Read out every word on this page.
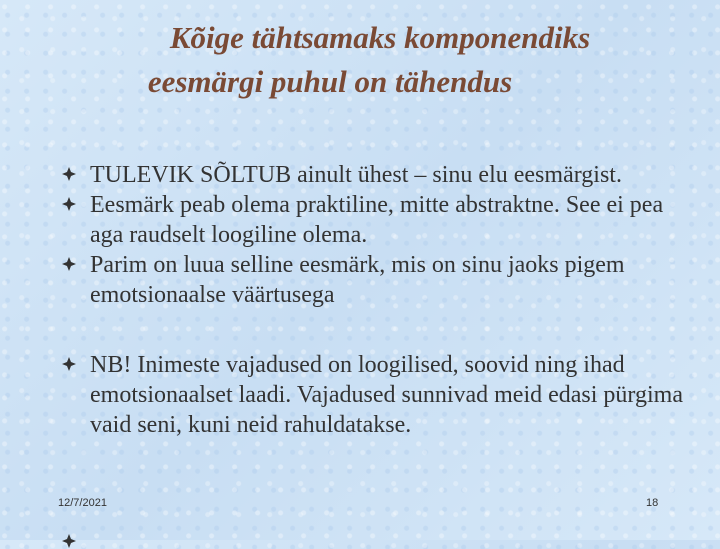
Kõige tähtsamaks komponendiks
eesmärgi puhul on tähendus
TULEVIK SÕLTUB ainult ühest – sinu elu eesmärgist.
Eesmärk peab olema praktiline, mitte abstraktne. See ei pea aga raudselt loogiline olema.
Parim on luua selline eesmärk, mis on sinu jaoks pigem emotsionaalse väärtusega
NB! Inimeste vajadused on loogilised, soovid ning ihad emotsionaalset laadi. Vajadused sunnivad meid edasi pürgima vaid seni, kuni neid rahuldatakse.
12/7/2021	18
